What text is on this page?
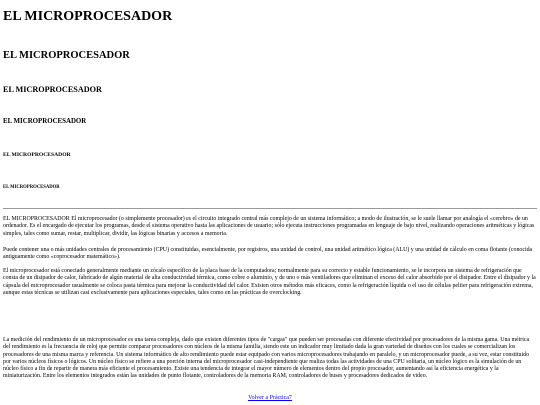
EL MICROPROCESADOR
EL MICROPROCESADOR
EL MICROPROCESADOR
EL MICROPROCESADOR
EL MICROPROCESADOR
EL MICROPROCESADOR

EL MICROPROCESADOR El microprocesador (o simplemente procesador) es el circuito integrado central más complejo de un sistema informático; a modo de ilustración, se le suele llamar por analogía el «cerebro» de un ordenador. Es el encargado de ejecutar los programas, desde el sistema operativo hasta las aplicaciones de usuario; sólo ejecuta instrucciones programadas en lenguaje de bajo nivel, realizando operaciones aritméticas y lógicas simples, tales como sumar, restar, multiplicar, dividir, las lógicas binarias y accesos a memoria.

Puede contener una o más unidades centrales de procesamiento (CPU) constituidas, esencialmente, por registros, una unidad de control, una unidad aritmético lógica (ALU) y una unidad de cálculo en coma flotante (conocida antiguamente como «coprocesador matemático»).

El microprocesador está conectado generalmente mediante un zócalo específico de la placa base de la computadora; normalmente para su correcto y estable funcionamiento, se le incorpora un sistema de refrigeración que consta de un disipador de calor, fabricado de algún material de alta conductividad térmica, como cobre o aluminio, y de uno o más ventiladores que eliminan el exceso del calor absorbido por el disipador. Entre el disipador y la cápsula del microprocesador usualmente se coloca pasta térmica para mejorar la conductividad del calor. Existen otros métodos más eficaces, como la refrigeración líquida o el uso de células peltier para refrigeración extrema, aunque estas técnicas se utilizan casi exclusivamente para aplicaciones especiales, tales como en las prácticas de overclocking.

La medición del rendimiento de un microprocesador es una tarea compleja, dado que existen diferentes tipos de "cargas" que pueden ser procesadas con diferente efectividad por procesadores de la misma gama. Una métrica del rendimiento es la frecuencia de reloj que permite comparar procesadores con núcleos de la misma familia, siendo este un indicador muy limitado dada la gran variedad de diseños con los cuales se comercializan los procesadores de una misma marca y referencia. Un sistema informático de alto rendimiento puede estar equipado con varios microprocesadores trabajando en paralelo, y un microprocesador puede, a su vez, estar constituido por varios núcleos físicos o lógicos. Un núcleo físico se refiere a una porción interna del microprocesador casi-independiente que realiza todas las actividades de una CPU solitaria, un núcleo lógico es la simulación de un núcleo físico a fin de repartir de manera más eficiente el procesamiento. Existe una tendencia de integrar el mayor número de elementos dentro del propio procesador, aumentando así la eficiencia energética y la miniaturización. Entre los elementos integrados están las unidades de punto flotante, controladores de la memoria RAM, controladores de buses y procesadores dedicados de video.

Volver a Práctica7
